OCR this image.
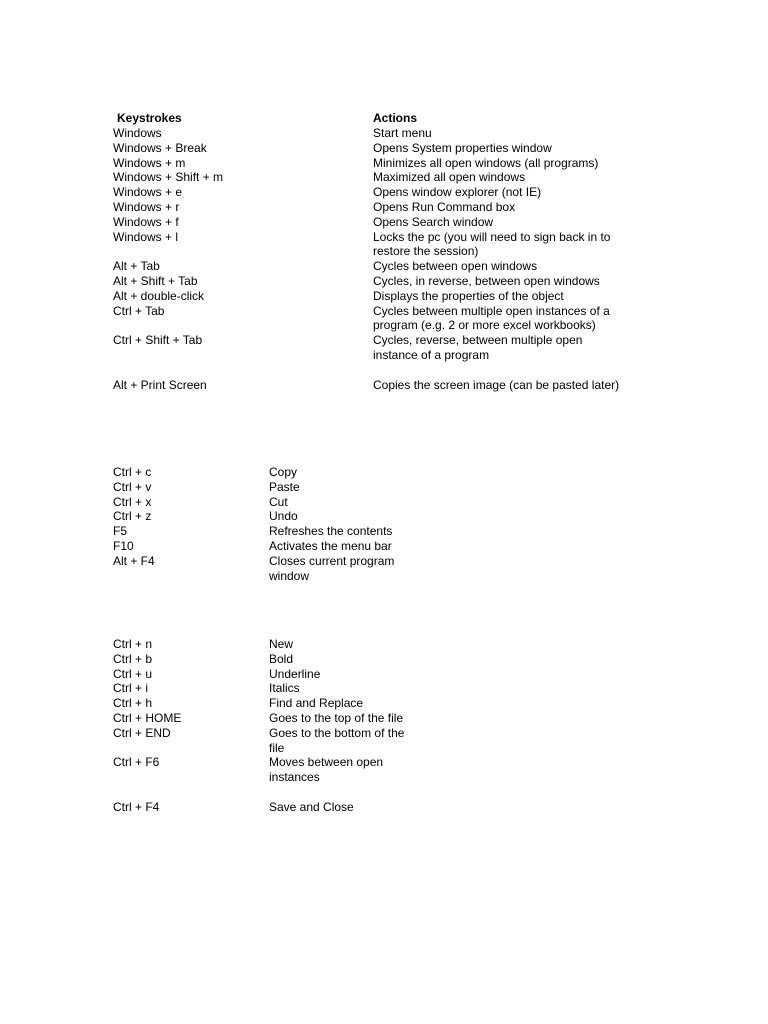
Keystrokes	Actions
Windows	Start menu
Windows + Break	Opens System properties window
Windows + m	Minimizes all open windows (all programs)
Windows + Shift + m	Maximized all open windows
Windows + e	Opens window explorer (not IE)
Windows + r	Opens Run Command box
Windows + f	Opens Search window
Windows + l	Locks the pc (you will need to sign back in to restore the session)
Alt + Tab	Cycles between open windows
Alt + Shift + Tab	Cycles, in reverse, between open windows
Alt + double-click	Displays the properties of the object
Ctrl + Tab	Cycles between multiple open instances of a program (e.g. 2 or more excel workbooks)
Ctrl + Shift + Tab	Cycles, reverse, between multiple open instance of a program
Alt + Print Screen	Copies the screen image (can be pasted later)
Ctrl + c	Copy
Ctrl + v	Paste
Ctrl + x	Cut
Ctrl + z	Undo
F5	Refreshes the contents
F10	Activates the menu bar
Alt + F4	Closes current program window
Ctrl + n	New
Ctrl + b	Bold
Ctrl + u	Underline
Ctrl + i	Italics
Ctrl + h	Find and Replace
Ctrl + HOME	Goes to the top of the file
Ctrl + END	Goes to the bottom of the file
Ctrl + F6	Moves between open instances
Ctrl + F4	Save and Close
